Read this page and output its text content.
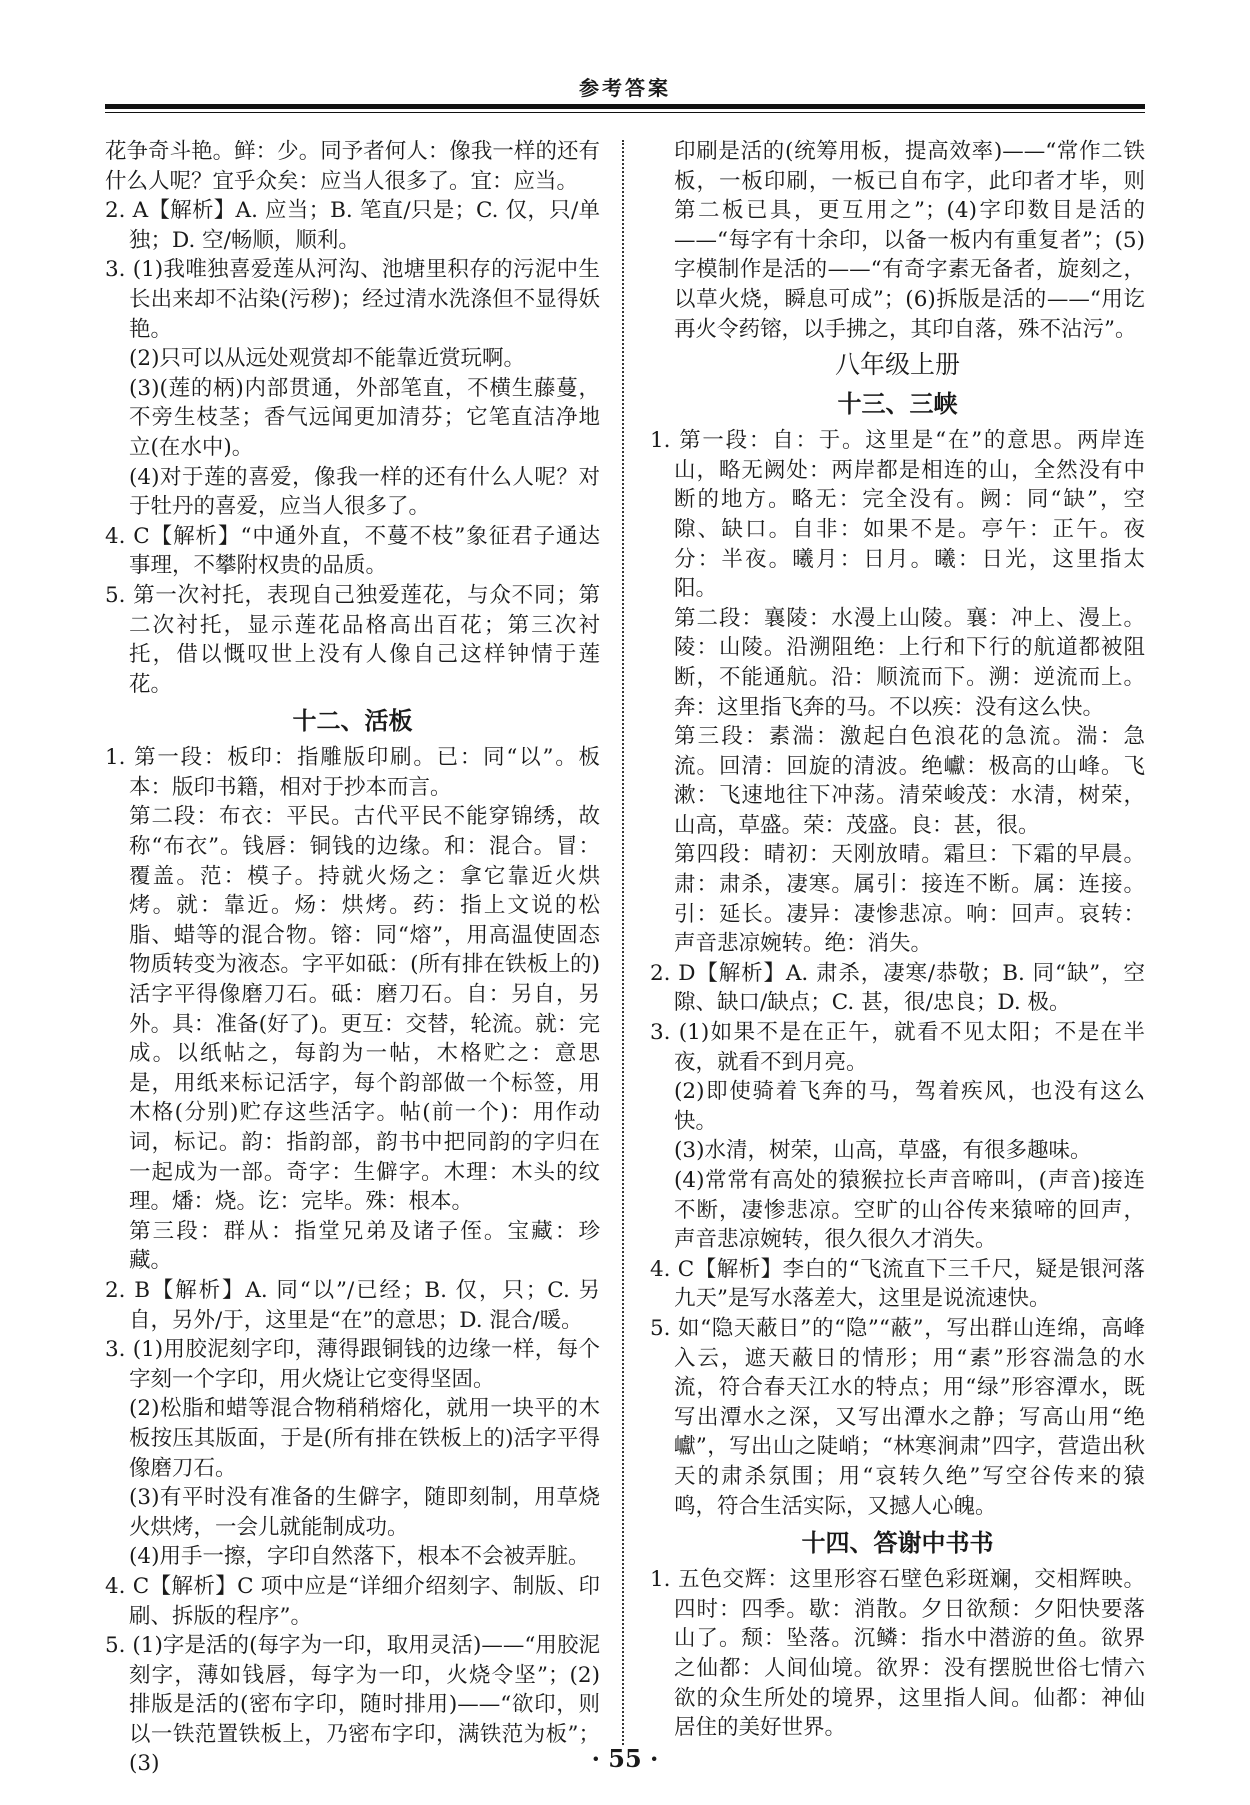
参考答案
花争奇斗艳。鲜：少。同予者何人：像我一样的还有什么人呢？宜乎众矣：应当人很多了。宜：应当。
2. A【解析】A. 应当；B. 笔直/只是；C. 仅，只/单独；D. 空/畅顺，顺利。
3. (1)我唯独喜爱莲从河沟、池塘里积存的污泥中生长出来却不沾染(污秽)；经过清水洗涤但不显得妖艳。
(2)只可以从远处观赏却不能靠近赏玩啊。
(3)(莲的柄)内部贯通，外部笔直，不横生藤蔓，不旁生枝茎；香气远闻更加清芬；它笔直洁净地立(在水中)。
(4)对于莲的喜爱，像我一样的还有什么人呢？对于牡丹的喜爱，应当人很多了。
4. C【解析】“中通外直，不蔓不枝”象征君子通达事理，不攀附权贵的品质。
5. 第一次衬托，表现自己独爱莲花，与众不同；第二次衬托，显示莲花品格高出百花；第三次衬托，借以慨叹世上没有人像自己这样钟情于莲花。
十二、活板
1. 第一段：板印：指雕版印刷。已：同“以”。板本：版印书籍，相对于抄本而言。
第二段：布衣：平民。古代平民不能穿锦绣，故称“布衣”。钱唇：铜钱的边缘。和：混合。冒：覆盖。范：模子。持就火炀之：拿它靠近火烘烤。就：靠近。炀：烘烤。药：指上文说的松脂、蜡等的混合物。镕：同“熔”，用高温使固态物质转变为液态。字平如砥：(所有排在铁板上的)活字平得像磨刀石。砥：磨刀石。自：另自，另外。具：准备(好了)。更互：交替，轮流。就：完成。以纸帖之，每韵为一帖，木格贮之：意思是，用纸来标记活字，每个韵部做一个标签，用木格(分别)贮存这些活字。帖(前一个)：用作动词，标记。韵：指韵部，韵书中把同韵的字归在一起成为一部。奇字：生僻字。木理：木头的纹理。燔：烧。讫：完毕。殊：根本。
第三段：群从：指堂兄弟及诸子侄。宝藏：珍藏。
2. B【解析】A. 同“以”/已经；B. 仅，只；C. 另自，另外/于，这里是“在”的意思；D. 混合/暖。
3. (1)用胶泥刻字印，薄得跟铜钱的边缘一样，每个字刻一个字印，用火烧让它变得坚固。
(2)松脂和蜡等混合物稍稍熔化，就用一块平的木板按压其版面，于是(所有排在铁板上的)活字平得像磨刀石。
(3)有平时没有准备的生僻字，随即刻制，用草烧火烘烤，一会儿就能制成功。
(4)用手一擦，字印自然落下，根本不会被弄脏。
4. C【解析】C 项中应是“详细介绍刻字、制版、印刷、拆版的程序”。
5. (1)字是活的(每字为一印，取用灵活)——“用胶泥刻字，薄如钱唇，每字为一印，火烧令坚”；(2)排版是活的(密布字印，随时排用)——“欲印，则以一铁范置铁板上，乃密布字印，满铁范为板”；(3)
印刷是活的(统筹用板，提高效率)——“常作二铁板，一板印刷，一板已自布字，此印者才毕，则第二板已具，更互用之”；(4)字印数目是活的——“每字有十余印，以备一板内有重复者”；(5)字模制作是活的——“有奇字素无备者，旋刻之，以草火烧，瞬息可成”；(6)拆版是活的——“用讫再火令药镕，以手拂之，其印自落，殊不沾污”。
八年级上册
十三、三峡
1. 第一段：自：于。这里是“在”的意思。两岸连山，略无阙处：两岸都是相连的山，全然没有中断的地方。略无：完全没有。阙：同“缺”，空隙、缺口。自非：如果不是。亭午：正午。夜分：半夜。曦月：日月。曦：日光，这里指太阳。
第二段：襄陵：水漫上山陵。襄：冲上、漫上。陵：山陵。沿溯阻绝：上行和下行的航道都被阻断，不能通航。沿：顺流而下。溯：逆流而上。奔：这里指飞奔的马。不以疾：没有这么快。
第三段：素湍：激起白色浪花的急流。湍：急流。回清：回旋的清波。绝巘：极高的山峰。飞漱：飞速地往下冲荡。清荣峻茂：水清，树荣，山高，草盛。荣：茂盛。良：甚，很。
第四段：晴初：天刚放晴。霜旦：下霜的早晨。肃：肃杀，凄寒。属引：接连不断。属：连接。引：延长。凄异：凄惨悲凉。响：回声。哀转：声音悲凉婉转。绝：消失。
2. D【解析】A. 肃杀，凄寒/恭敬；B. 同“缺”，空隙、缺口/缺点；C. 甚，很/忠良；D. 极。
3. (1)如果不是在正午，就看不见太阳；不是在半夜，就看不到月亮。
(2)即使骑着飞奔的马，驾着疾风，也没有这么快。
(3)水清，树荣，山高，草盛，有很多趣味。
(4)常常有高处的猿猴拉长声音啼叫，(声音)接连不断，凄惨悲凉。空旷的山谷传来猿啼的回声，声音悲凉婉转，很久很久才消失。
4. C【解析】李白的“飞流直下三千尺，疑是银河落九天”是写水落差大，这里是说流速快。
5. 如“隐天蔽日”的“隐”“蔽”，写出群山连绵，高峰入云，遮天蔽日的情形；用“素”形容湍急的水流，符合春天江水的特点；用“绿”形容潭水，既写出潭水之深，又写出潭水之静；写高山用“绝巘”，写出山之陡峭；“林寒涧肃”四字，营造出秋天的肃杀氛围；用“哀转久绝”写空谷传来的猿鸣，符合生活实际，又撼人心魄。
十四、答谢中书书
1. 五色交辉：这里形容石壁色彩斑斓，交相辉映。四时：四季。歇：消散。夕日欲颓：夕阳快要落山了。颓：坠落。沉鳞：指水中潜游的鱼。欲界之仙都：人间仙境。欲界：没有摆脱世俗七情六欲的众生所处的境界，这里指人间。仙都：神仙居住的美好世界。
· 55 ·
